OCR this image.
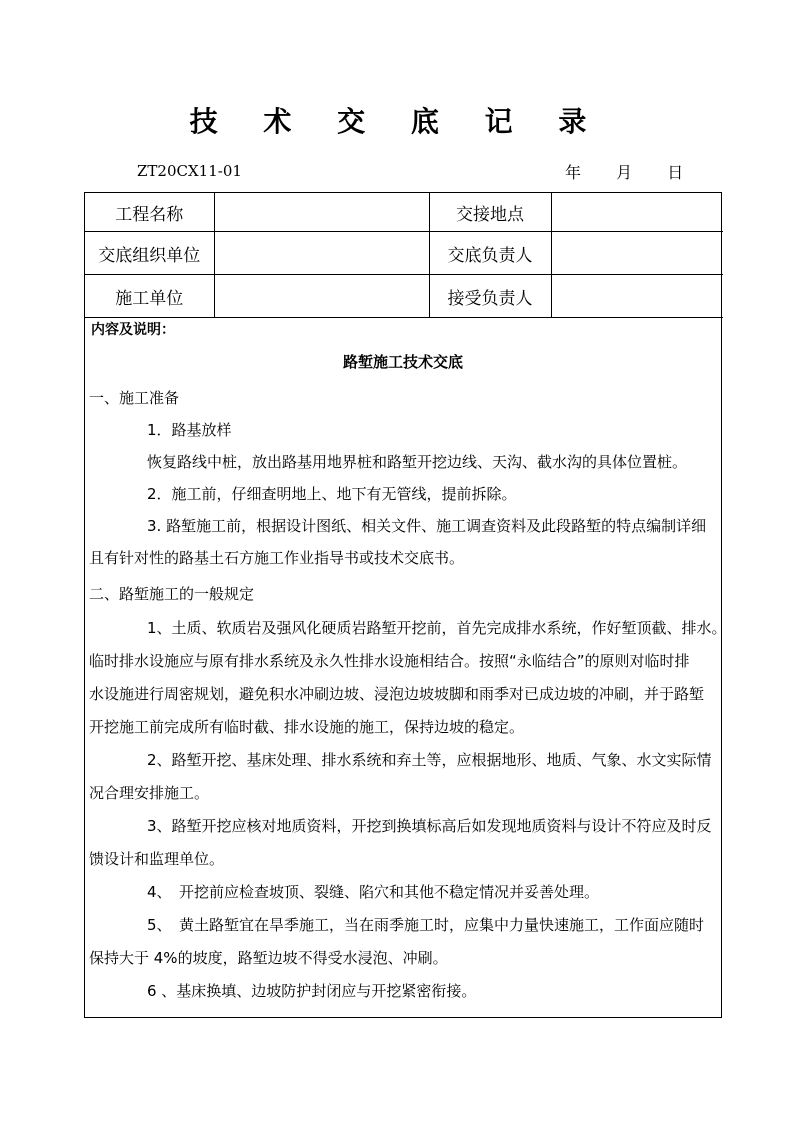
技 术 交 底 记 录
ZT20CX11-01	年 月 日
工程名称		交接地点	
交底组织单位		交底负责人	
施工单位		接受负责人	
内容及说明：
路堑施工技术交底
一、施工准备
1．路基放样
恢复路线中桩，放出路基用地界桩和路堑开挖边线、天沟、截水沟的具体位置桩。
2．施工前，仔细查明地上、地下有无管线，提前拆除。
3. 路堑施工前，根据设计图纸、相关文件、施工调查资料及此段路堑的特点编制详细
且有针对性的路基土石方施工作业指导书或技术交底书。
二、路堑施工的一般规定
1、土质、软质岩及强风化硬质岩路堑开挖前，首先完成排水系统，作好堑顶截、排水。
临时排水设施应与原有排水系统及永久性排水设施相结合。按照“永临结合”的原则对临时排
水设施进行周密规划，避免积水冲刷边坡、浸泡边坡坡脚和雨季对已成边坡的冲刷，并于路堑
开挖施工前完成所有临时截、排水设施的施工，保持边坡的稳定。
2、路堑开挖、基床处理、排水系统和弃土等，应根据地形、地质、气象、水文实际情
况合理安排施工。
3、路堑开挖应核对地质资料，开挖到换填标高后如发现地质资料与设计不符应及时反
馈设计和监理单位。
4、　开挖前应检查坡顶、裂缝、陷穴和其他不稳定情况并妥善处理。
5、　黄土路堑宜在旱季施工，当在雨季施工时，应集中力量快速施工，工作面应随时
保持大于 4%的坡度，路堑边坡不得受水浸泡、冲刷。
6 、基床换填、边坡防护封闭应与开挖紧密衔接。
